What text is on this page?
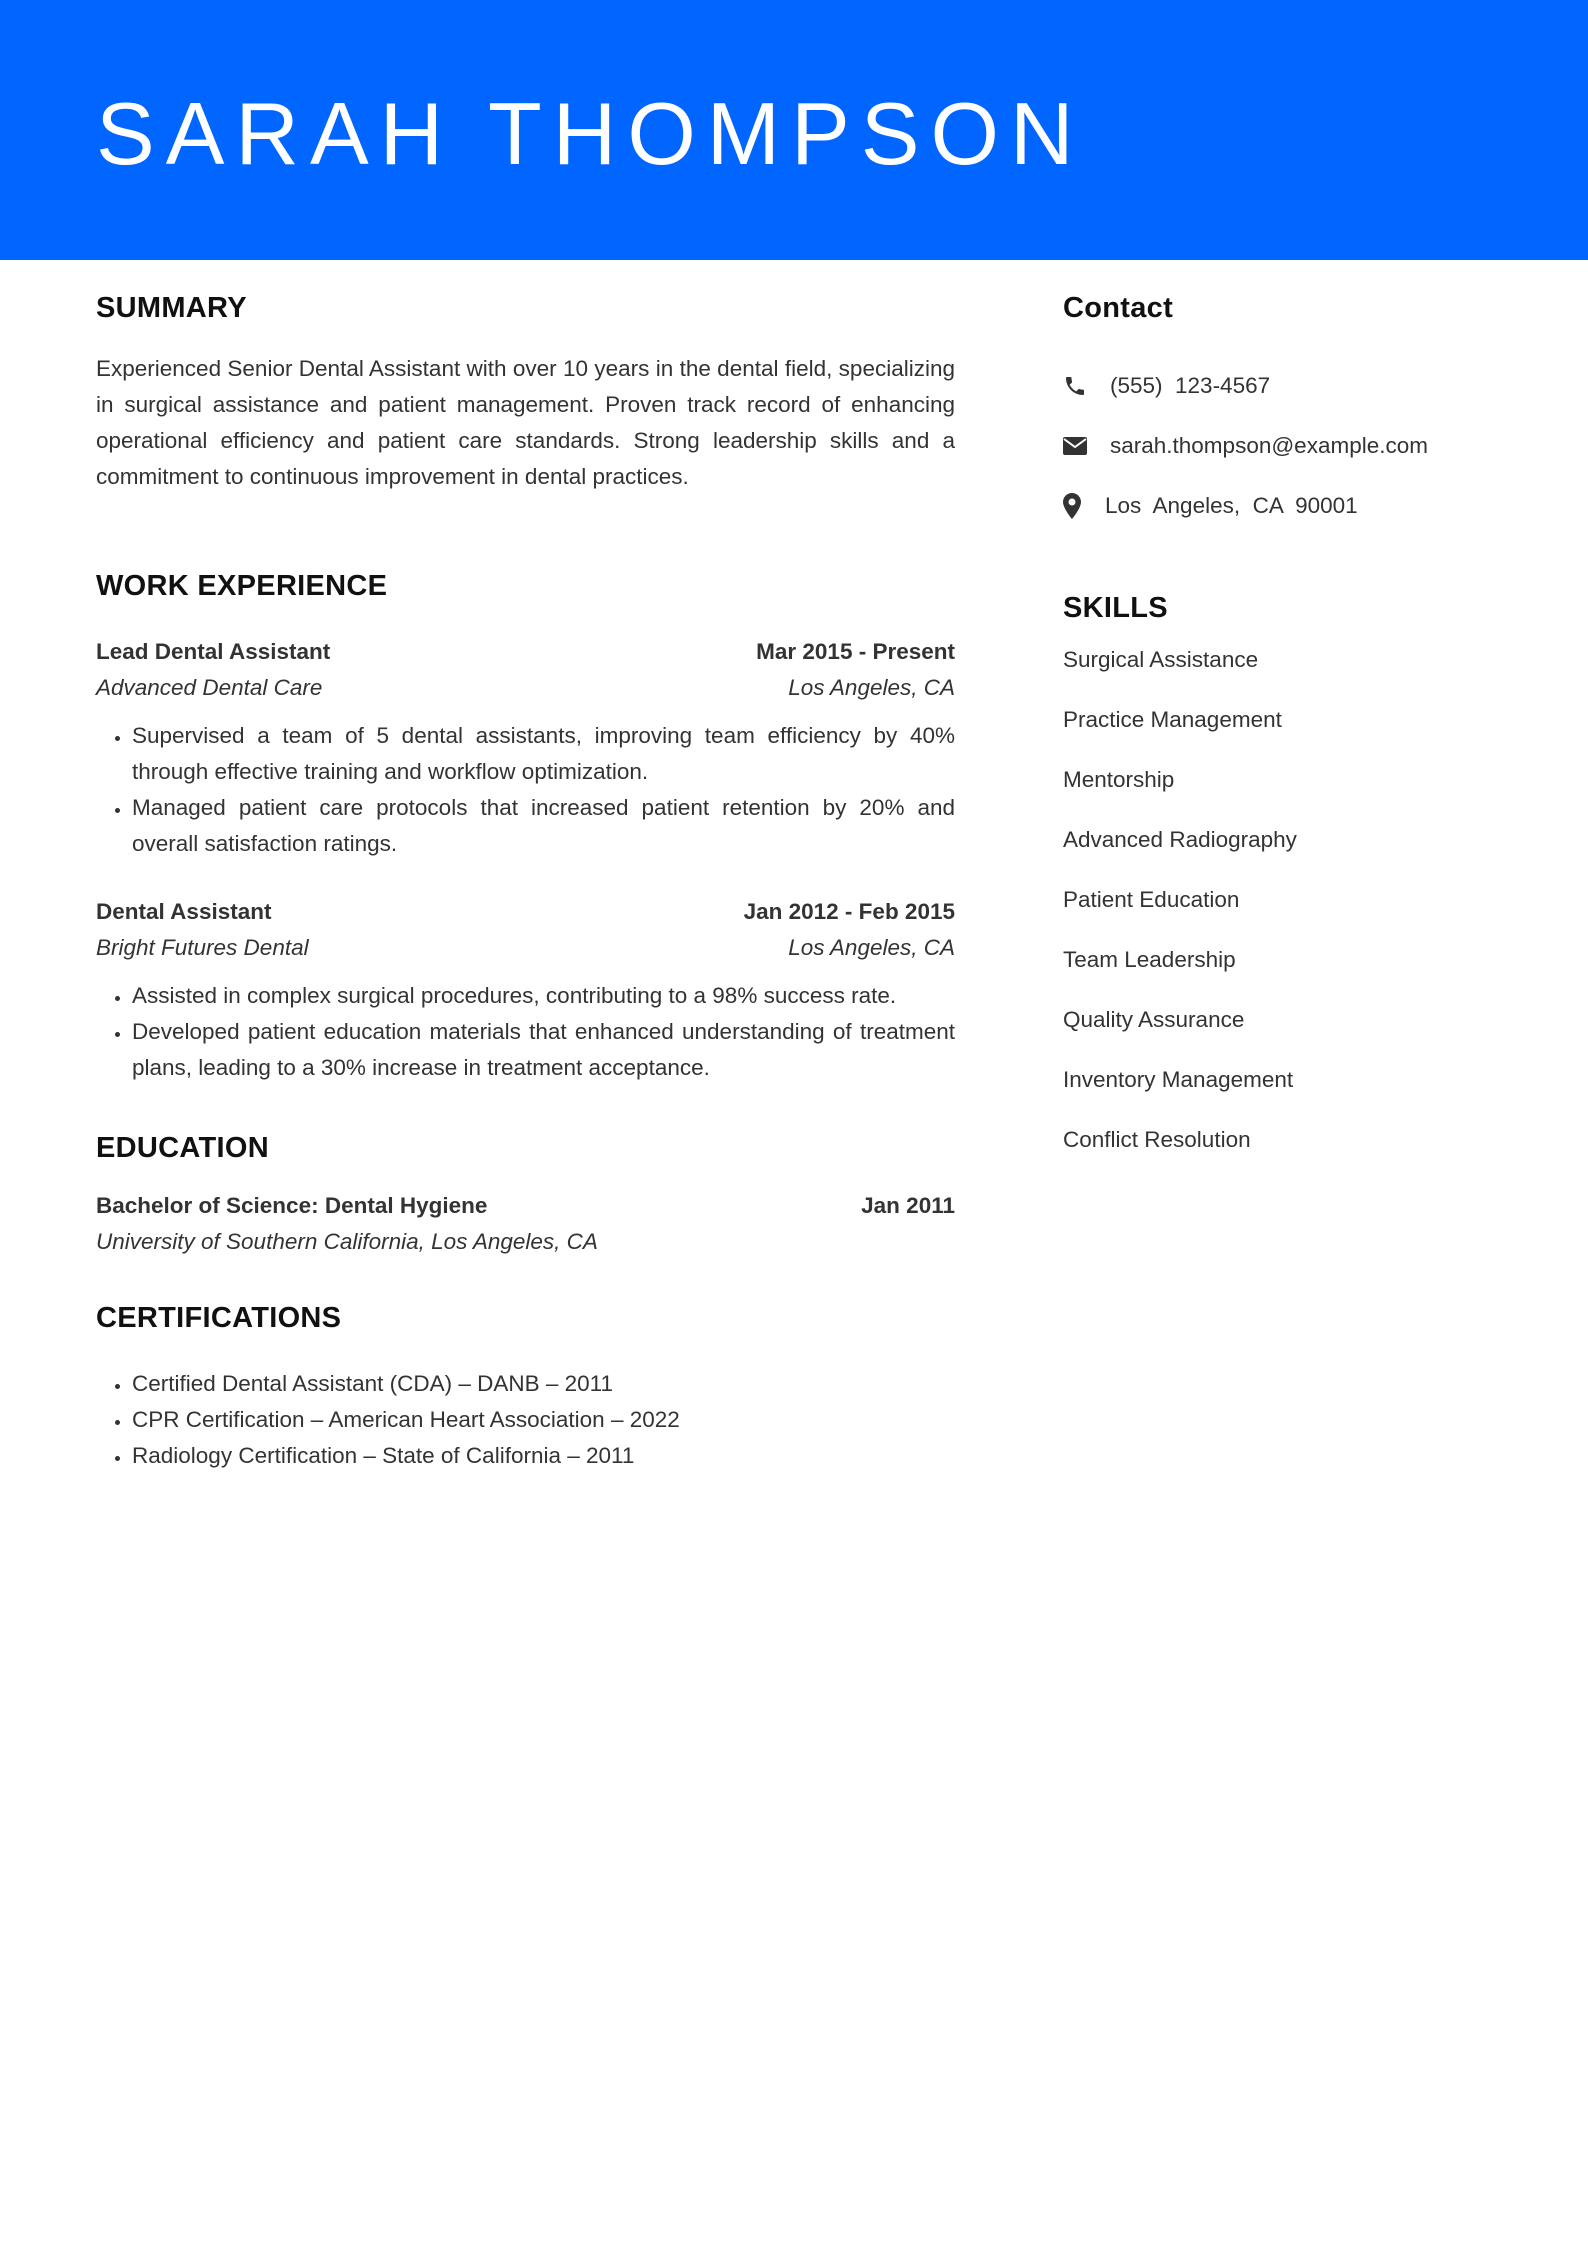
SARAH THOMPSON
SUMMARY
Experienced Senior Dental Assistant with over 10 years in the dental field, specializing in surgical assistance and patient management. Proven track record of enhancing operational efficiency and patient care standards. Strong leadership skills and a commitment to continuous improvement in dental practices.
WORK EXPERIENCE
Lead Dental Assistant	Mar 2015 - Present
Advanced Dental Care	Los Angeles, CA
• Supervised a team of 5 dental assistants, improving team efficiency by 40% through effective training and workflow optimization.
• Managed patient care protocols that increased patient retention by 20% and overall satisfaction ratings.
Dental Assistant	Jan 2012 - Feb 2015
Bright Futures Dental	Los Angeles, CA
• Assisted in complex surgical procedures, contributing to a 98% success rate.
• Developed patient education materials that enhanced understanding of treatment plans, leading to a 30% increase in treatment acceptance.
EDUCATION
Bachelor of Science: Dental Hygiene	Jan 2011
University of Southern California, Los Angeles, CA
CERTIFICATIONS
• Certified Dental Assistant (CDA) – DANB – 2011
• CPR Certification – American Heart Association – 2022
• Radiology Certification – State of California – 2011
Contact
(555)  123-4567
sarah.thompson@example.com
Los  Angeles,  CA  90001
SKILLS
Surgical Assistance
Practice Management
Mentorship
Advanced Radiography
Patient Education
Team Leadership
Quality Assurance
Inventory Management
Conflict Resolution
